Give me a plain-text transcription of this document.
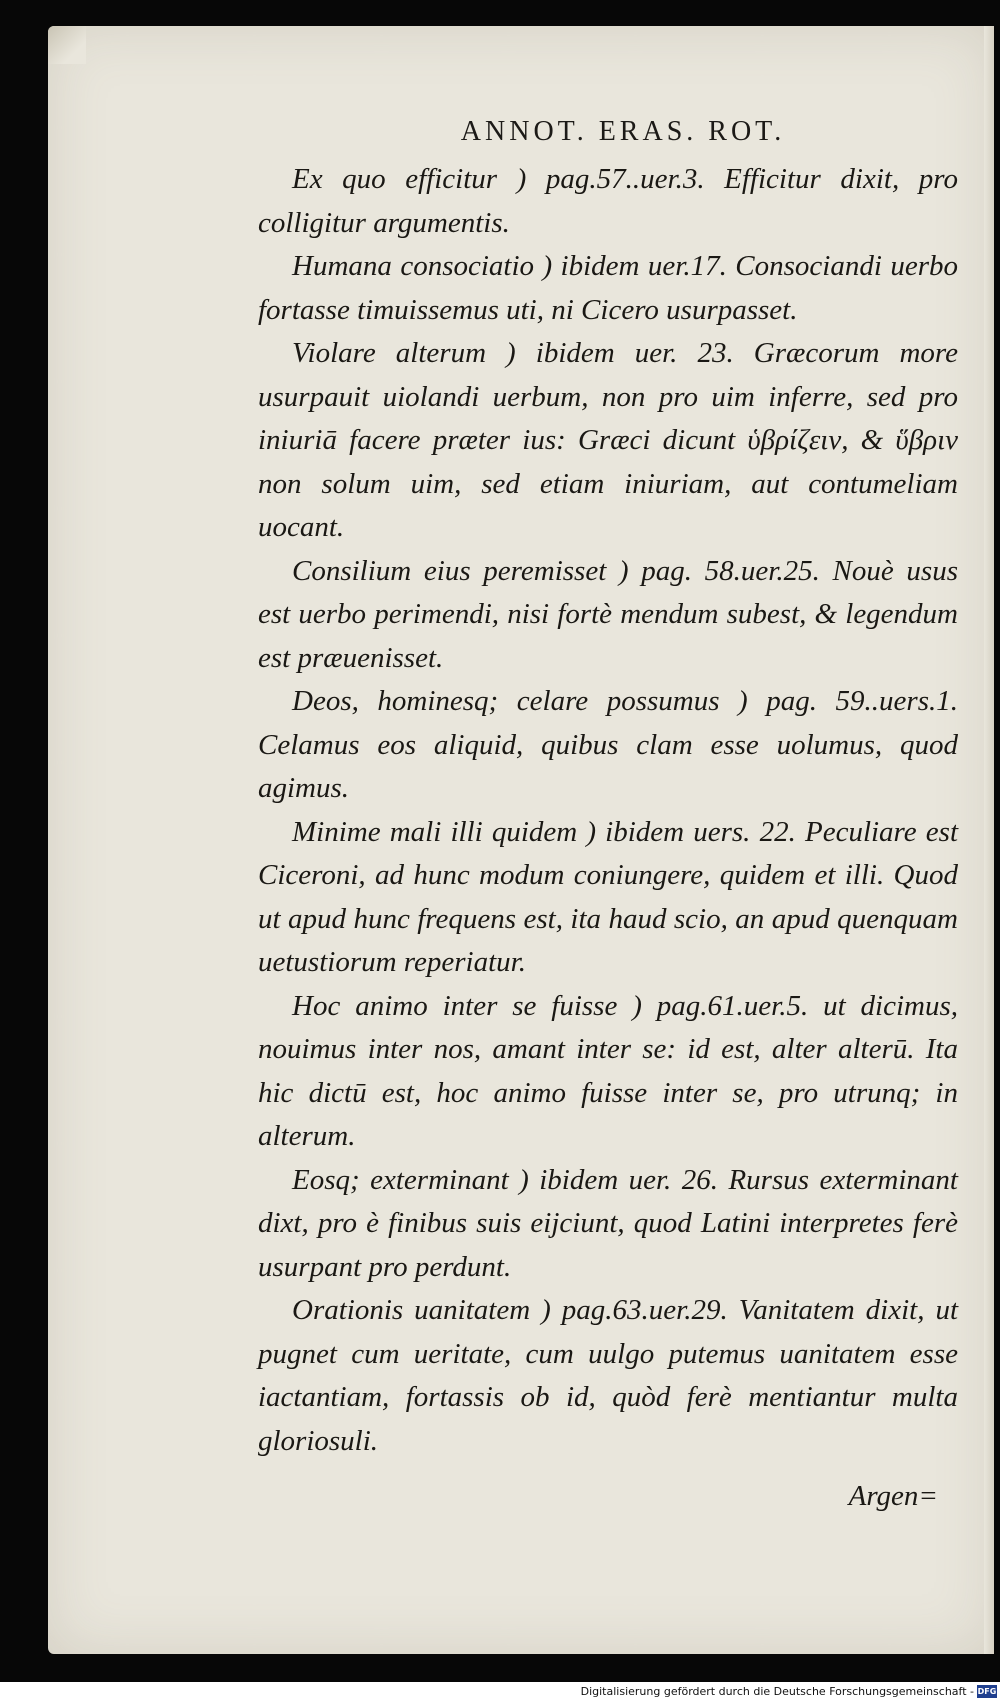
ANNOT. ERAS. ROT.

Ex quo efficitur ) pag.57..uer.3. Efficitur dixit, pro colligitur argumentis.

Humana consociatio ) ibidem uer.17. Consociandi uerbo fortasse timuissemus uti, ni Cicero usurpasset.

Violare alterum ) ibidem uer. 23. Græcorum more usurpauit uiolandi uerbum, non pro uim inferre, sed pro iniuriā facere præter ius: Græci dicunt ὑβρίζειν, & ὕβριν non solum uim, sed etiam iniuriam, aut contumeliam uocant.

Consilium eius peremisset ) pag. 58.uer.25. Nouè usus est uerbo perimendi, nisi fortè mendum subest, & legendum est præuenisset.

Deos, hominesq; celare possumus ) pag. 59..uers.1. Celamus eos aliquid, quibus clam esse uolumus, quod agimus.

Minime mali illi quidem ) ibidem uers. 22. Peculiare est Ciceroni, ad hunc modum coniungere, quidem et illi. Quod ut apud hunc frequens est, ita haud scio, an apud quenquam uetustiorum reperiatur.

Hoc animo inter se fuisse ) pag.61.uer.5. ut dicimus, nouimus inter nos, amant inter se: id est, alter alterū. Ita hic dictū est, hoc animo fuisse inter se, pro utrunq; in alterum.

Eosq; exterminant ) ibidem uer. 26. Rursus exterminant dixt, pro è finibus suis eijciunt, quod Latini interpretes ferè usurpant pro perdunt.

Orationis uanitatem ) pag.63.uer.29. Vanitatem dixit, ut pugnet cum ueritate, cum uulgo putemus uanitatem esse iactantiam, fortassis ob id, quòd ferè mentiantur multa gloriosuli.

Argen=
Digitalisierung gefördert durch die Deutsche Forschungsgemeinschaft - DFG
